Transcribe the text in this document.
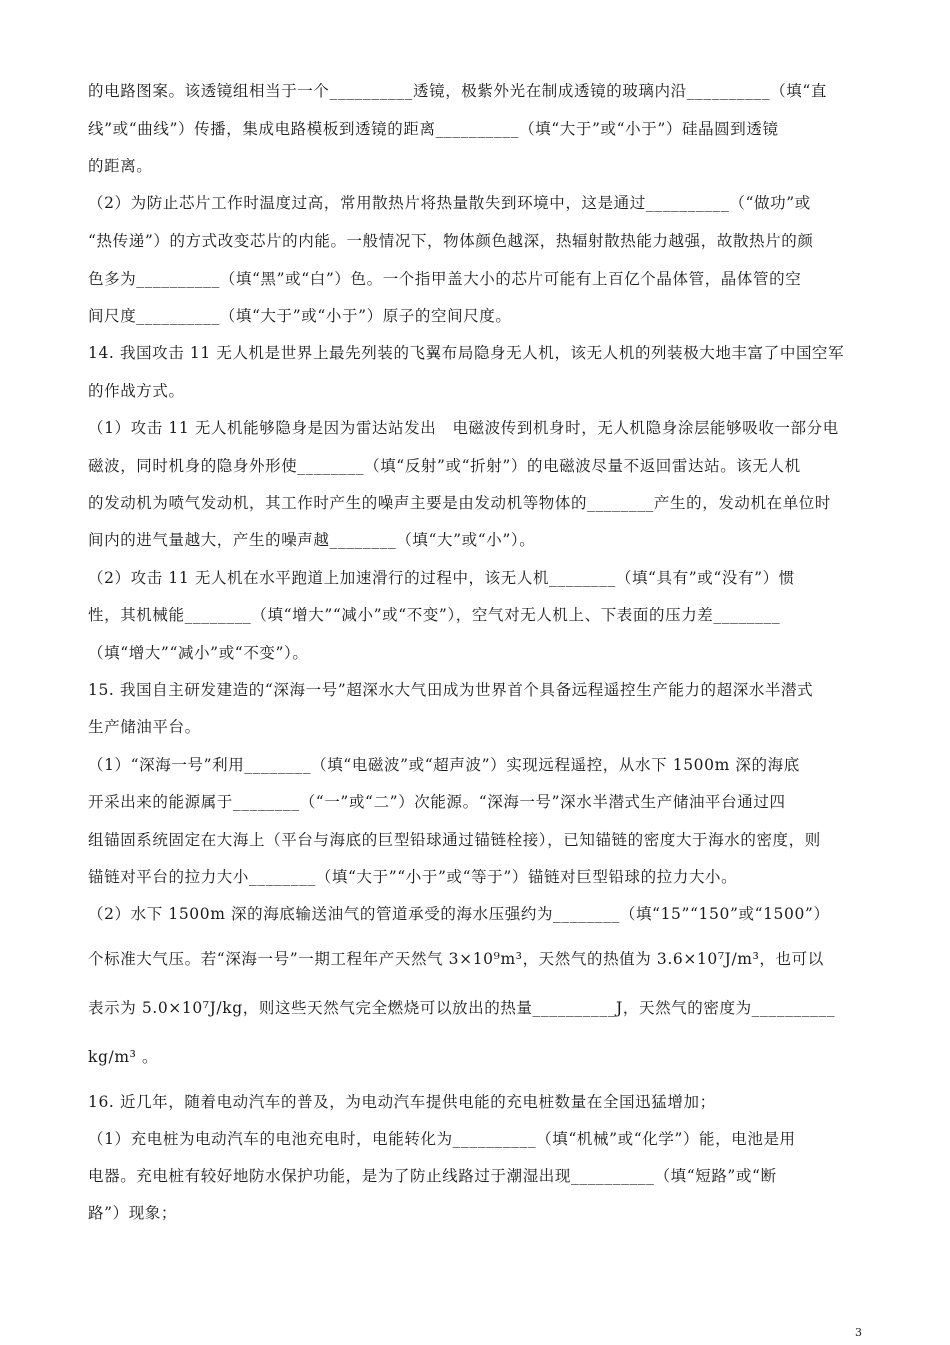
的电路图案。该透镜组相当于一个__________透镜，极紫外光在制成透镜的玻璃内沿__________（填“直
线”或“曲线”）传播，集成电路模板到透镜的距离__________（填“大于”或“小于”）硅晶圆到透镜
的距离。
（2）为防止芯片工作时温度过高，常用散热片将热量散失到环境中，这是通过__________（“做功”或
“热传递”）的方式改变芯片的内能。一般情况下，物体颜色越深，热辐射散热能力越强，故散热片的颜
色多为__________（填“黑”或“白”）色。一个指甲盖大小的芯片可能有上百亿个晶体管，晶体管的空
间尺度__________（填“大于”或“小于”）原子的空间尺度。
14. 我国攻击 11 无人机是世界上最先列装的飞翼布局隐身无人机，该无人机的列装极大地丰富了中国空军
的作战方式。
（1）攻击 11 无人机能够隐身是因为雷达站发出　电磁波传到机身时，无人机隐身涂层能够吸收一部分电
磁波，同时机身的隐身外形使________（填“反射”或“折射”）的电磁波尽量不返回雷达站。该无人机
的发动机为喷气发动机，其工作时产生的噪声主要是由发动机等物体的________产生的，发动机在单位时
间内的进气量越大，产生的噪声越________（填“大”或“小”）。
（2）攻击 11 无人机在水平跑道上加速滑行的过程中，该无人机________（填“具有”或“没有”）惯
性，其机械能________（填“增大”“减小”或“不变”），空气对无人机上、下表面的压力差________
（填“增大”“减小”或“不变”）。
15. 我国自主研发建造的“深海一号”超深水大气田成为世界首个具备远程遥控生产能力的超深水半潜式
生产储油平台。
（1）“深海一号”利用________（填“电磁波”或“超声波”）实现远程遥控，从水下 1500m 深的海底
开采出来的能源属于________（“一”或“二”）次能源。“深海一号”深水半潜式生产储油平台通过四
组锚固系统固定在大海上（平台与海底的巨型铅球通过锚链栓接），已知锚链的密度大于海水的密度，则
锚链对平台的拉力大小________（填“大于”“小于”或“等于”）锚链对巨型铅球的拉力大小。
（2）水下 1500m 深的海底输送油气的管道承受的海水压强约为________（填“15”“150”或“1500”）
个标准大气压。若“深海一号”一期工程年产天然气 3×10⁹m³，天然气的热值为 3.6×10⁷J/m³，也可以
表示为 5.0×10⁷J/kg，则这些天然气完全燃烧可以放出的热量__________J，天然气的密度为__________
kg/m³ 。
16. 近几年，随着电动汽车的普及，为电动汽车提供电能的充电桩数量在全国迅猛增加；
（1）充电桩为电动汽车的电池充电时，电能转化为__________（填“机械”或“化学”）能，电池是用
电器。充电桩有较好地防水保护功能，是为了防止线路过于潮湿出现__________（填“短路”或“断
路”）现象；
3
